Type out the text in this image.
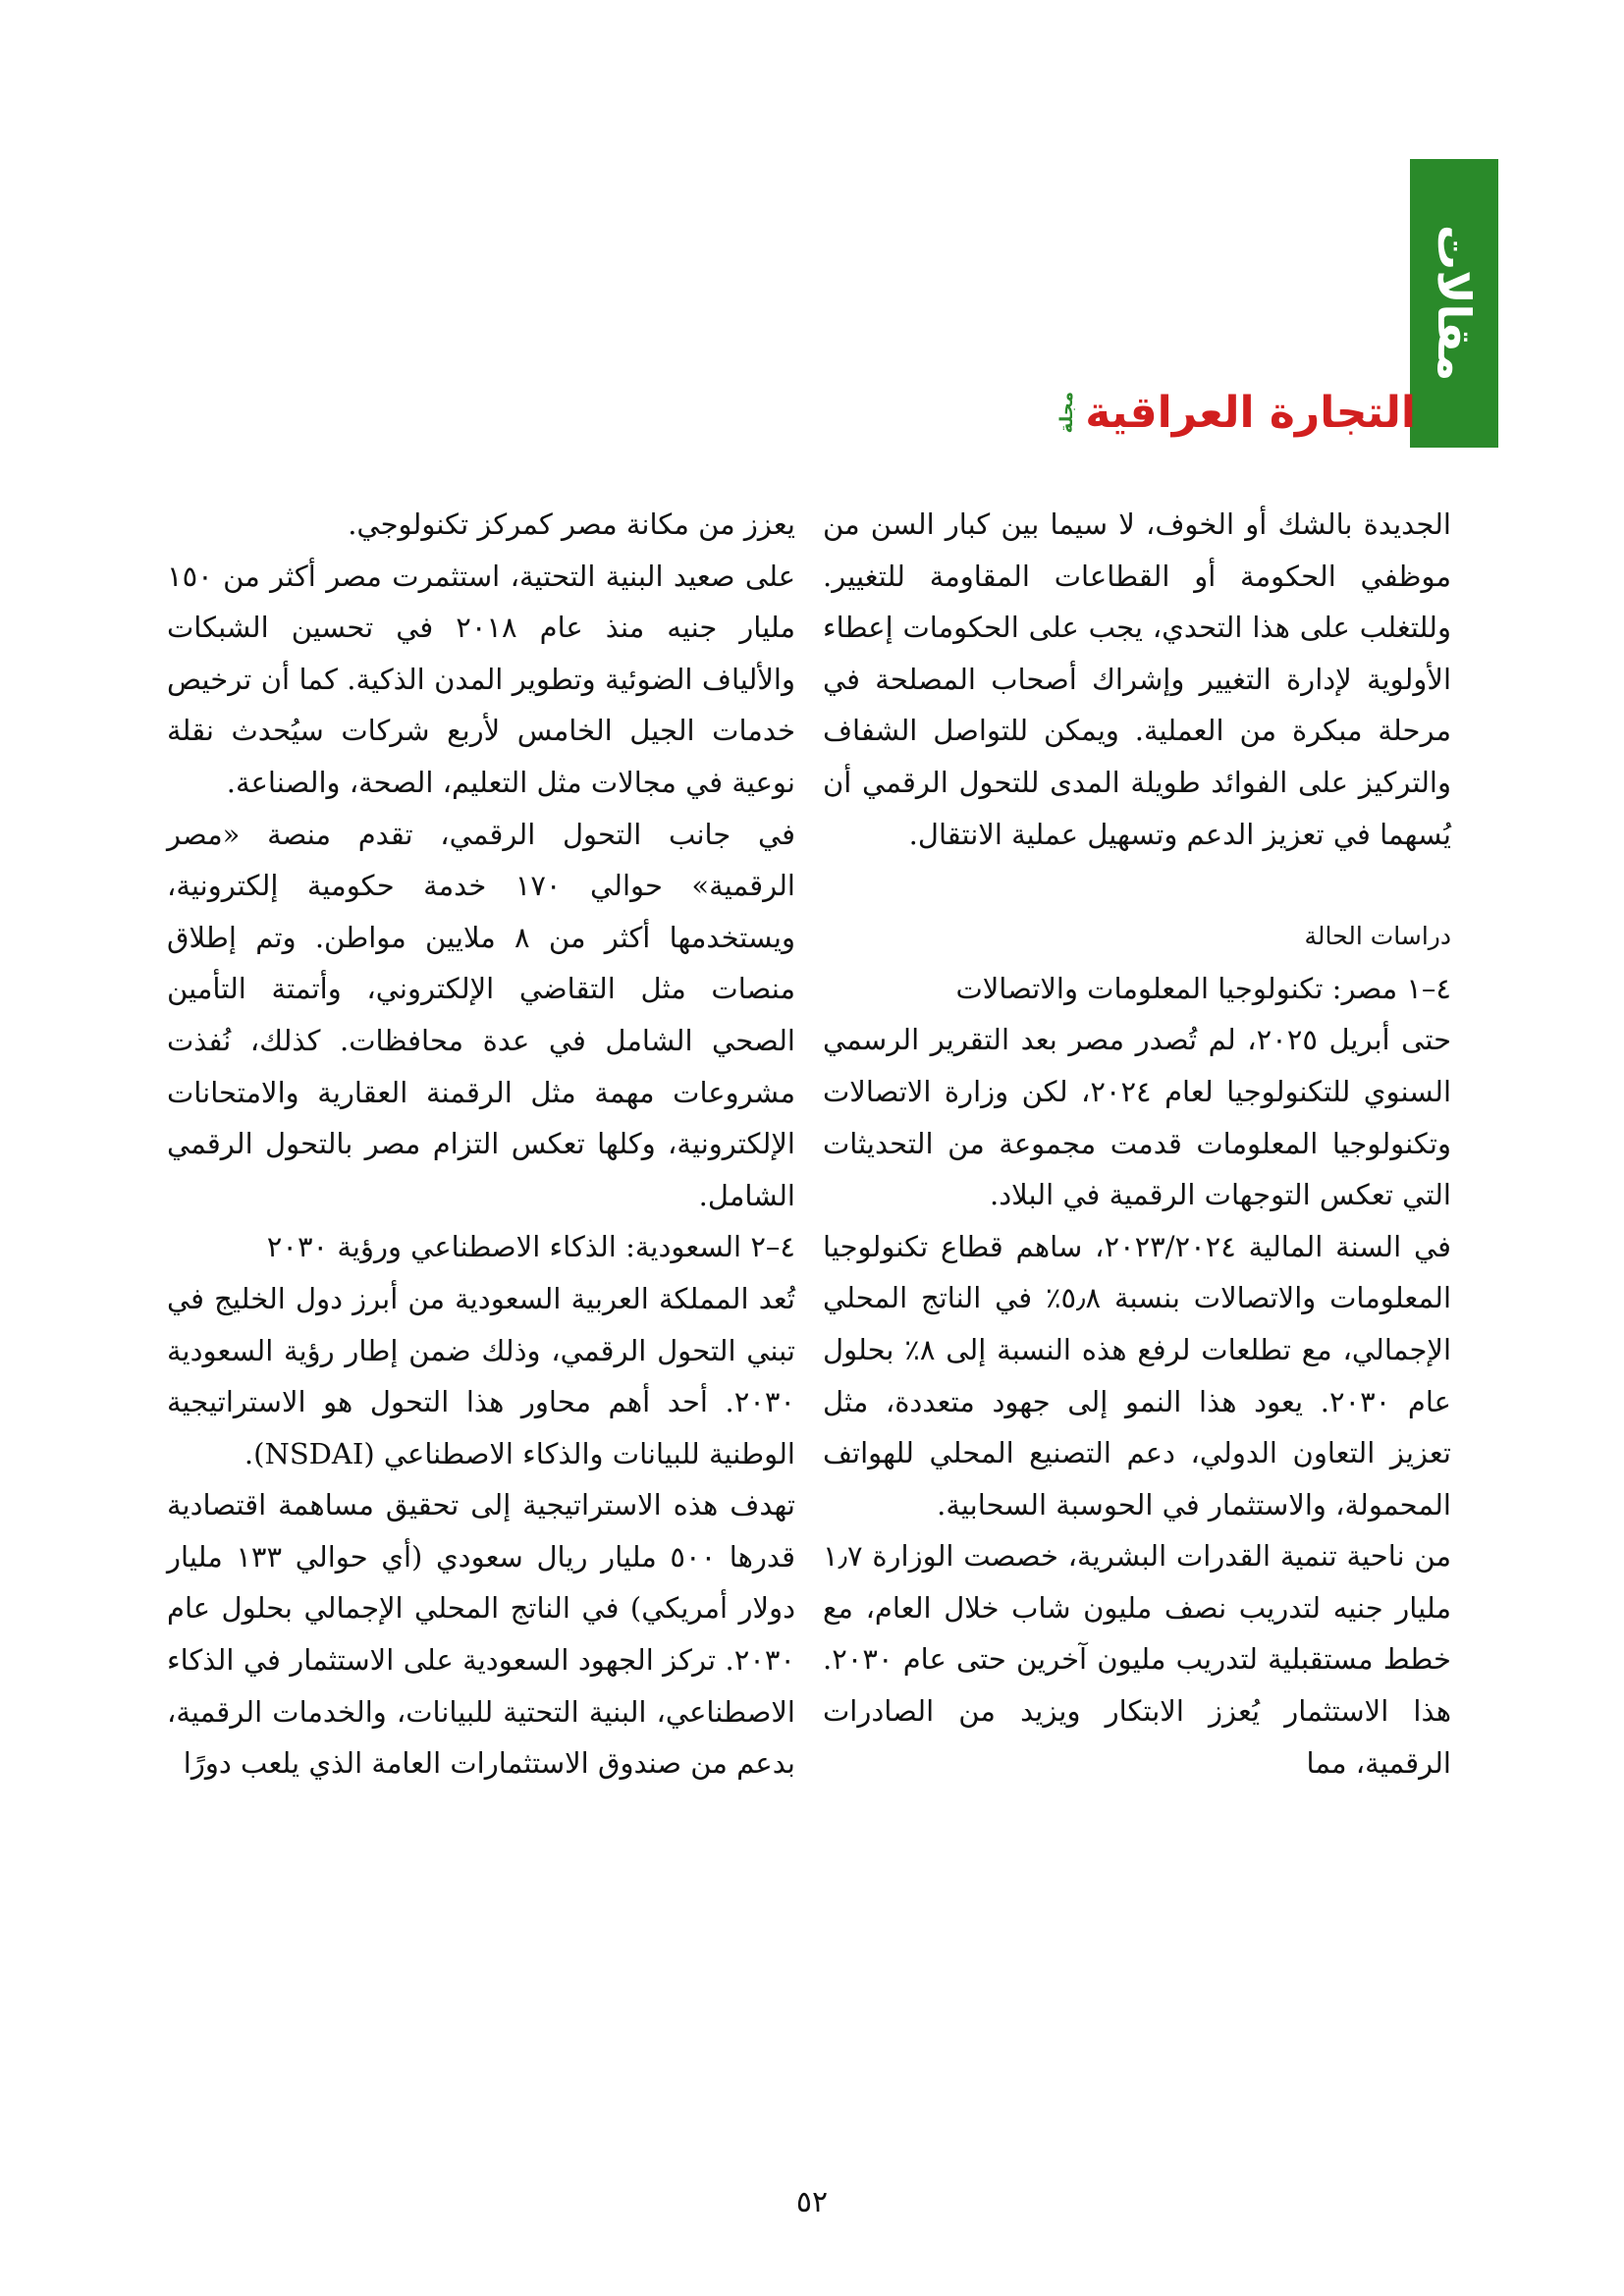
مقالات
التجارة العراقية
مجلة

الجديدة بالشك أو الخوف، لا سيما بين كبار السن من موظفي الحكومة أو القطاعات المقاومة للتغيير. وللتغلب على هذا التحدي، يجب على الحكومات إعطاء الأولوية لإدارة التغيير وإشراك أصحاب المصلحة في مرحلة مبكرة من العملية. ويمكن للتواصل الشفاف والتركيز على الفوائد طويلة المدى للتحول الرقمي أن يُسهما في تعزيز الدعم وتسهيل عملية الانتقال.

دراسات الحالة

٤–١ مصر: تكنولوجيا المعلومات والاتصالات

حتى أبريل ٢٠٢٥، لم تُصدر مصر بعد التقرير الرسمي السنوي للتكنولوجيا لعام ٢٠٢٤، لكن وزارة الاتصالات وتكنولوجيا المعلومات قدمت مجموعة من التحديثات التي تعكس التوجهات الرقمية في البلاد.

في السنة المالية ٢٠٢٣/٢٠٢٤، ساهم قطاع تكنولوجيا المعلومات والاتصالات بنسبة ٥٫٨٪ في الناتج المحلي الإجمالي، مع تطلعات لرفع هذه النسبة إلى ٨٪ بحلول عام ٢٠٣٠. يعود هذا النمو إلى جهود متعددة، مثل تعزيز التعاون الدولي، دعم التصنيع المحلي للهواتف المحمولة، والاستثمار في الحوسبة السحابية.

من ناحية تنمية القدرات البشرية، خصصت الوزارة ١٫٧ مليار جنيه لتدريب نصف مليون شاب خلال العام، مع خطط مستقبلية لتدريب مليون آخرين حتى عام ٢٠٣٠. هذا الاستثمار يُعزز الابتكار ويزيد من الصادرات الرقمية، مما

يعزز من مكانة مصر كمركز تكنولوجي.

على صعيد البنية التحتية، استثمرت مصر أكثر من ١٥٠ مليار جنيه منذ عام ٢٠١٨ في تحسين الشبكات والألياف الضوئية وتطوير المدن الذكية. كما أن ترخيص خدمات الجيل الخامس لأربع شركات سيُحدث نقلة نوعية في مجالات مثل التعليم، الصحة، والصناعة.

في جانب التحول الرقمي، تقدم منصة «مصر الرقمية» حوالي ١٧٠ خدمة حكومية إلكترونية، ويستخدمها أكثر من ٨ ملايين مواطن. وتم إطلاق منصات مثل التقاضي الإلكتروني، وأتمتة التأمين الصحي الشامل في عدة محافظات. كذلك، نُفذت مشروعات مهمة مثل الرقمنة العقارية والامتحانات الإلكترونية، وكلها تعكس التزام مصر بالتحول الرقمي الشامل.

٤–٢ السعودية: الذكاء الاصطناعي ورؤية ٢٠٣٠

تُعد المملكة العربية السعودية من أبرز دول الخليج في تبني التحول الرقمي، وذلك ضمن إطار رؤية السعودية ٢٠٣٠. أحد أهم محاور هذا التحول هو الاستراتيجية الوطنية للبيانات والذكاء الاصطناعي (NSDAI).

تهدف هذه الاستراتيجية إلى تحقيق مساهمة اقتصادية قدرها ٥٠٠ مليار ريال سعودي (أي حوالي ١٣٣ مليار دولار أمريكي) في الناتج المحلي الإجمالي بحلول عام ٢٠٣٠. تركز الجهود السعودية على الاستثمار في الذكاء الاصطناعي، البنية التحتية للبيانات، والخدمات الرقمية، بدعم من صندوق الاستثمارات العامة الذي يلعب دورًا

٥٢
